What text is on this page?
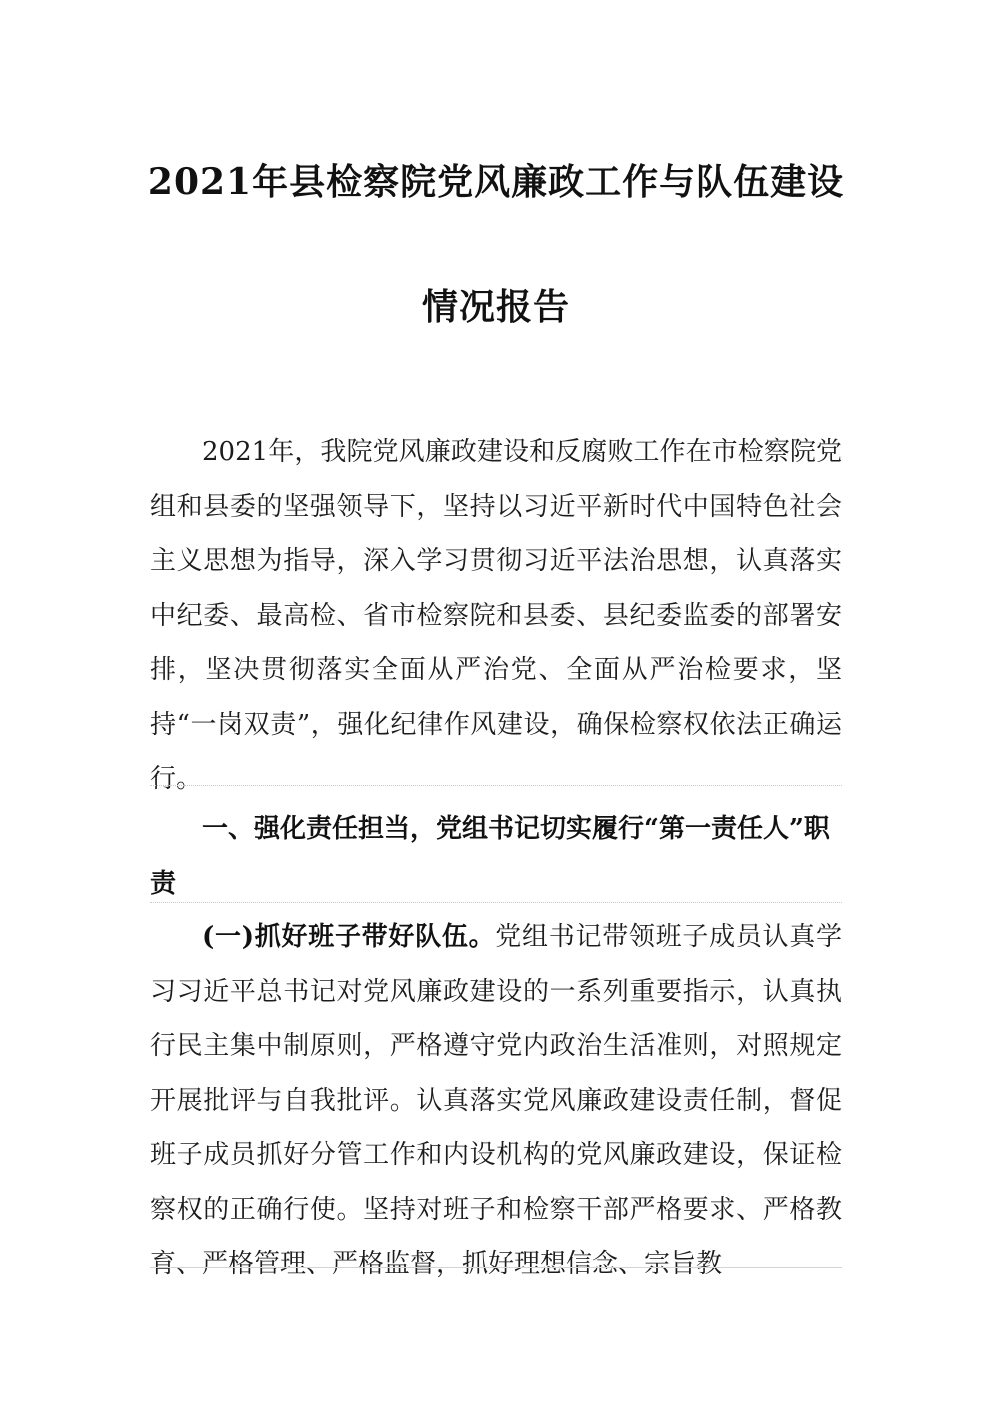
2021年县检察院党风廉政工作与队伍建设
情况报告
2021年，我院党风廉政建设和反腐败工作在市检察院党组和县委的坚强领导下，坚持以习近平新时代中国特色社会主义思想为指导，深入学习贯彻习近平法治思想，认真落实中纪委、最高检、省市检察院和县委、县纪委监委的部署安排，坚决贯彻落实全面从严治党、全面从严治检要求，坚持“一岗双责”，强化纪律作风建设，确保检察权依法正确运行。
一、强化责任担当，党组书记切实履行“第一责任人”职责
(一)抓好班子带好队伍。党组书记带领班子成员认真学习习近平总书记对党风廉政建设的一系列重要指示，认真执行民主集中制原则，严格遵守党内政治生活准则，对照规定开展批评与自我批评。认真落实党风廉政建设责任制，督促班子成员抓好分管工作和内设机构的党风廉政建设，保证检察权的正确行使。坚持对班子和检察干部严格要求、严格教育、严格管理、严格监督，抓好理想信念、宗旨教
